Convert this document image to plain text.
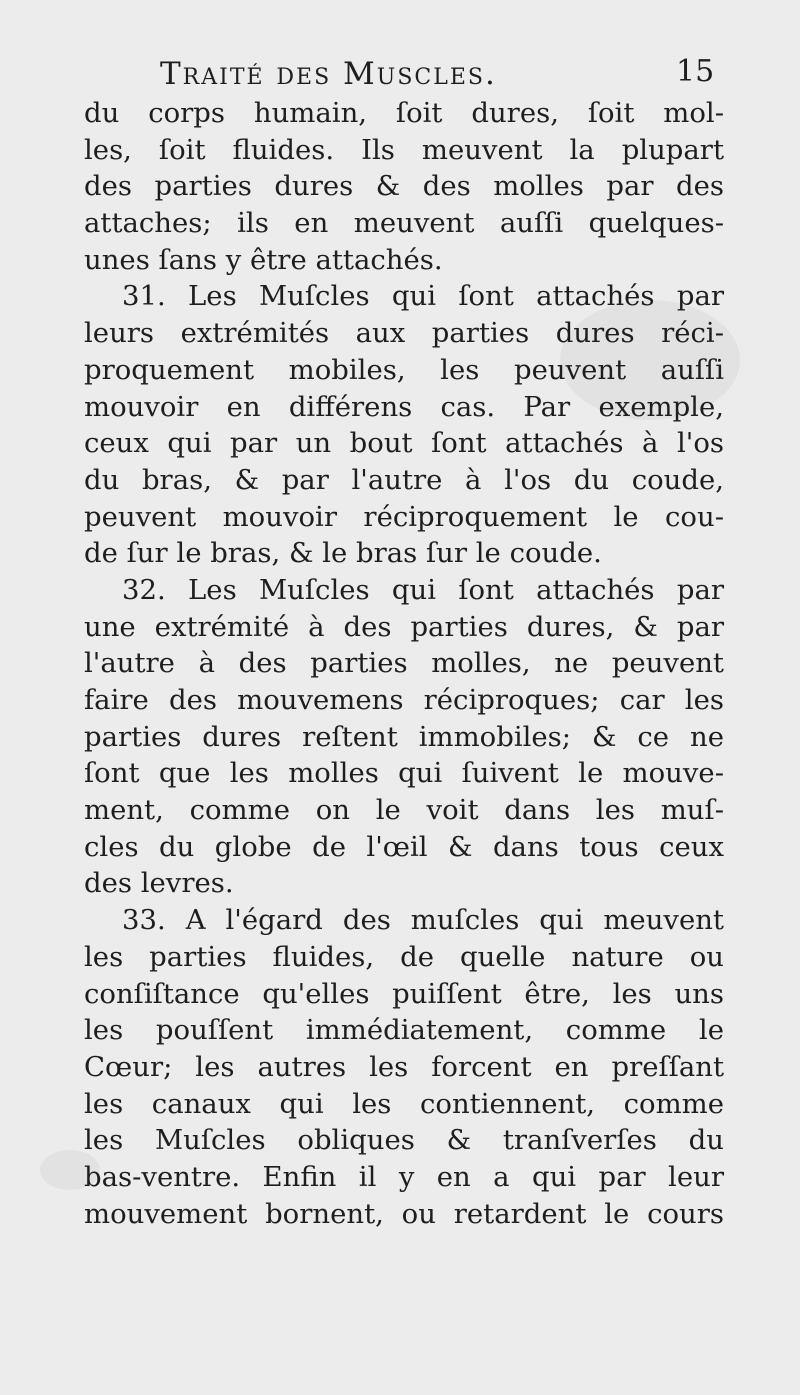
Traité des Muscles.	15
du corps humain, ſoit dures, ſoit mol-
les, ſoit fluides. Ils meuvent la plupart
des parties dures & des molles par des
attaches; ils en meuvent auſſi quelques-
unes ſans y être attachés.
31. Les Muſcles qui ſont attachés par
leurs extrémités aux parties dures réci-
proquement mobiles, les peuvent auſſi
mouvoir en différens cas. Par exemple,
ceux qui par un bout ſont attachés à l'os
du bras, & par l'autre à l'os du coude,
peuvent mouvoir réciproquement le cou-
de ſur le bras, & le bras ſur le coude.
32. Les Muſcles qui ſont attachés par
une extrémité à des parties dures, & par
l'autre à des parties molles, ne peuvent
faire des mouvemens réciproques; car les
parties dures reſtent immobiles; & ce ne
ſont que les molles qui ſuivent le mouve-
ment, comme on le voit dans les muſ-
cles du globe de l'œil & dans tous ceux
des levres.
33. A l'égard des muſcles qui meuvent
les parties fluides, de quelle nature ou
conſiſtance qu'elles puiſſent être, les uns
les pouſſent immédiatement, comme le
Cœur; les autres les forcent en preſſant
les canaux qui les contiennent, comme
les Muſcles obliques & tranſverſes du
bas-ventre. Enfin il y en a qui par leur
mouvement bornent, ou retardent le cours
